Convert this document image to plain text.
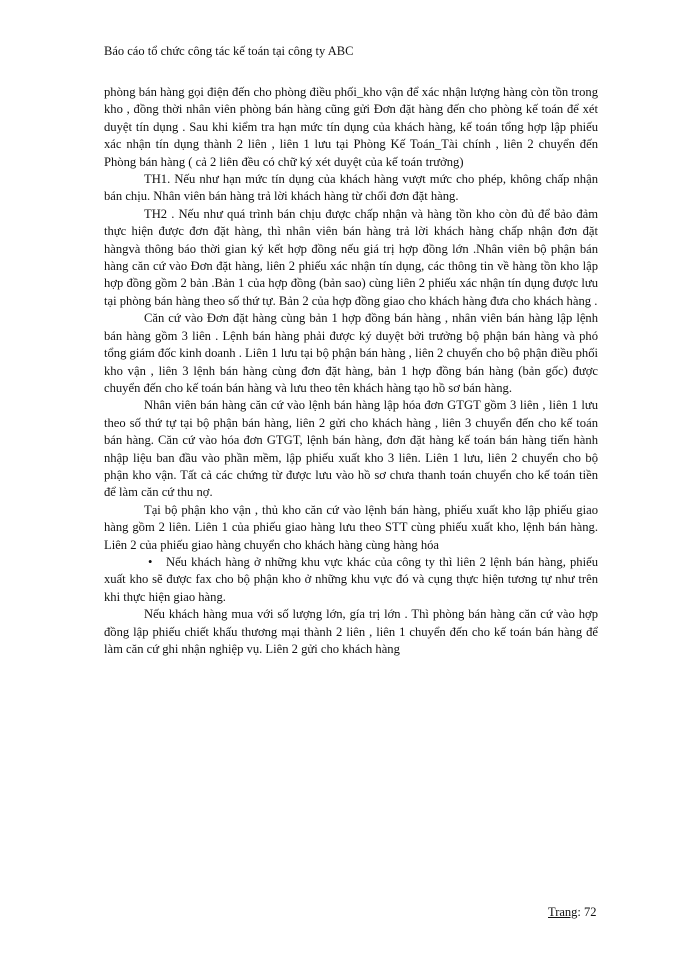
Báo cáo tổ chức công tác kế toán tại công ty ABC

phòng bán hàng gọi điện đến cho phòng điều phối_kho vận để xác nhận lượng hàng còn tồn trong kho , đồng thời nhân viên phòng bán hàng cũng gửi Đơn đặt hàng đến cho phòng kế toán để xét duyệt tín dụng . Sau khi kiểm tra hạn mức tín dụng của khách hàng, kế toán tổng hợp lập phiếu xác nhận tín dụng thành 2 liên , liên 1 lưu tại Phòng Kế Toán_Tài chính , liên 2 chuyển đến Phòng bán hàng ( cả 2 liên đều có chữ ký xét duyệt của kế toán trưởng)

TH1. Nếu như hạn mức tín dụng của khách hàng vượt mức cho phép, không chấp nhận bán chịu. Nhân viên bán hàng trả lời khách hàng từ chối đơn đặt hàng.

TH2 . Nếu như quá trình bán chịu được chấp nhận và hàng tồn kho còn đủ để bảo đảm thực hiện được đơn đặt hàng, thì nhân viên bán hàng trả lời khách hàng chấp nhận đơn đặt hàngvà thông báo thời gian ký kết hợp đồng nếu giá trị hợp đồng lớn .Nhân viên bộ phận bán hàng căn cứ vào Đơn đặt hàng, liên 2 phiếu xác nhận tín dụng, các thông tin về hàng tồn kho lập hợp đồng gồm 2 bản .Bản 1 của hợp đồng (bản sao) cùng liên 2 phiếu xác nhận tín dụng được lưu tại phòng bán hàng theo số thứ tự. Bản 2 của hợp đồng giao cho khách hàng đưa cho khách hàng .

Căn cứ vào Đơn đặt hàng cùng bản 1 hợp đồng bán hàng , nhân viên bán hàng lập lệnh bán hàng gồm 3 liên . Lệnh bán hàng phải được ký duyệt bởi trưởng bộ phận bán hàng và phó tổng giám đốc kinh doanh . Liên 1 lưu tại bộ phận bán hàng , liên 2 chuyển cho bộ phận điều phối kho vận , liên 3 lệnh bán hàng cùng đơn đặt hàng, bản 1 hợp đồng bán hàng (bản gốc) được chuyển đến cho kế toán bán hàng và lưu theo tên khách hàng tạo hồ sơ bán hàng.

Nhân viên bán hàng căn cứ vào lệnh bán hàng lập hóa đơn GTGT gồm 3 liên , liên 1 lưu theo số thứ tự tại bộ phận bán hàng, liên 2 gửi cho khách hàng , liên 3 chuyển đến cho kế toán bán hàng. Căn cứ vào hóa đơn GTGT, lệnh bán hàng, đơn đặt hàng kế toán bán hàng tiến hành nhập liệu ban đầu vào phần mềm, lập phiếu xuất kho 3 liên. Liên 1 lưu, liên 2 chuyển cho bộ phận kho vận. Tất cả các chứng từ được lưu vào hồ sơ chưa thanh toán chuyển cho kế toán tiền để làm căn cứ thu nợ.

Tại bộ phận kho vận , thủ kho căn cứ vào lệnh bán hàng, phiếu xuất kho lập phiếu giao hàng gồm 2 liên. Liên 1 của phiếu giao hàng lưu theo STT cùng phiếu xuất kho, lệnh bán hàng. Liên 2 của phiếu giao hàng chuyển cho khách hàng cùng hàng hóa

• Nếu khách hàng ở những khu vực khác của công ty thì liên 2 lệnh bán hàng, phiếu xuất kho sẽ được fax cho bộ phận kho ở những khu vực đó và cụng thực hiện tương tự như trên khi thực hiện giao hàng.

Nếu khách hàng mua với số lượng lớn, gía trị lớn . Thì phòng bán hàng căn cứ vào hợp đồng lập phiếu chiết khấu thương mại thành 2 liên , liên 1 chuyển đến cho kế toán bán hàng để làm căn cứ ghi nhận nghiệp vụ. Liên 2 gửi cho khách hàng

Trang: 72
